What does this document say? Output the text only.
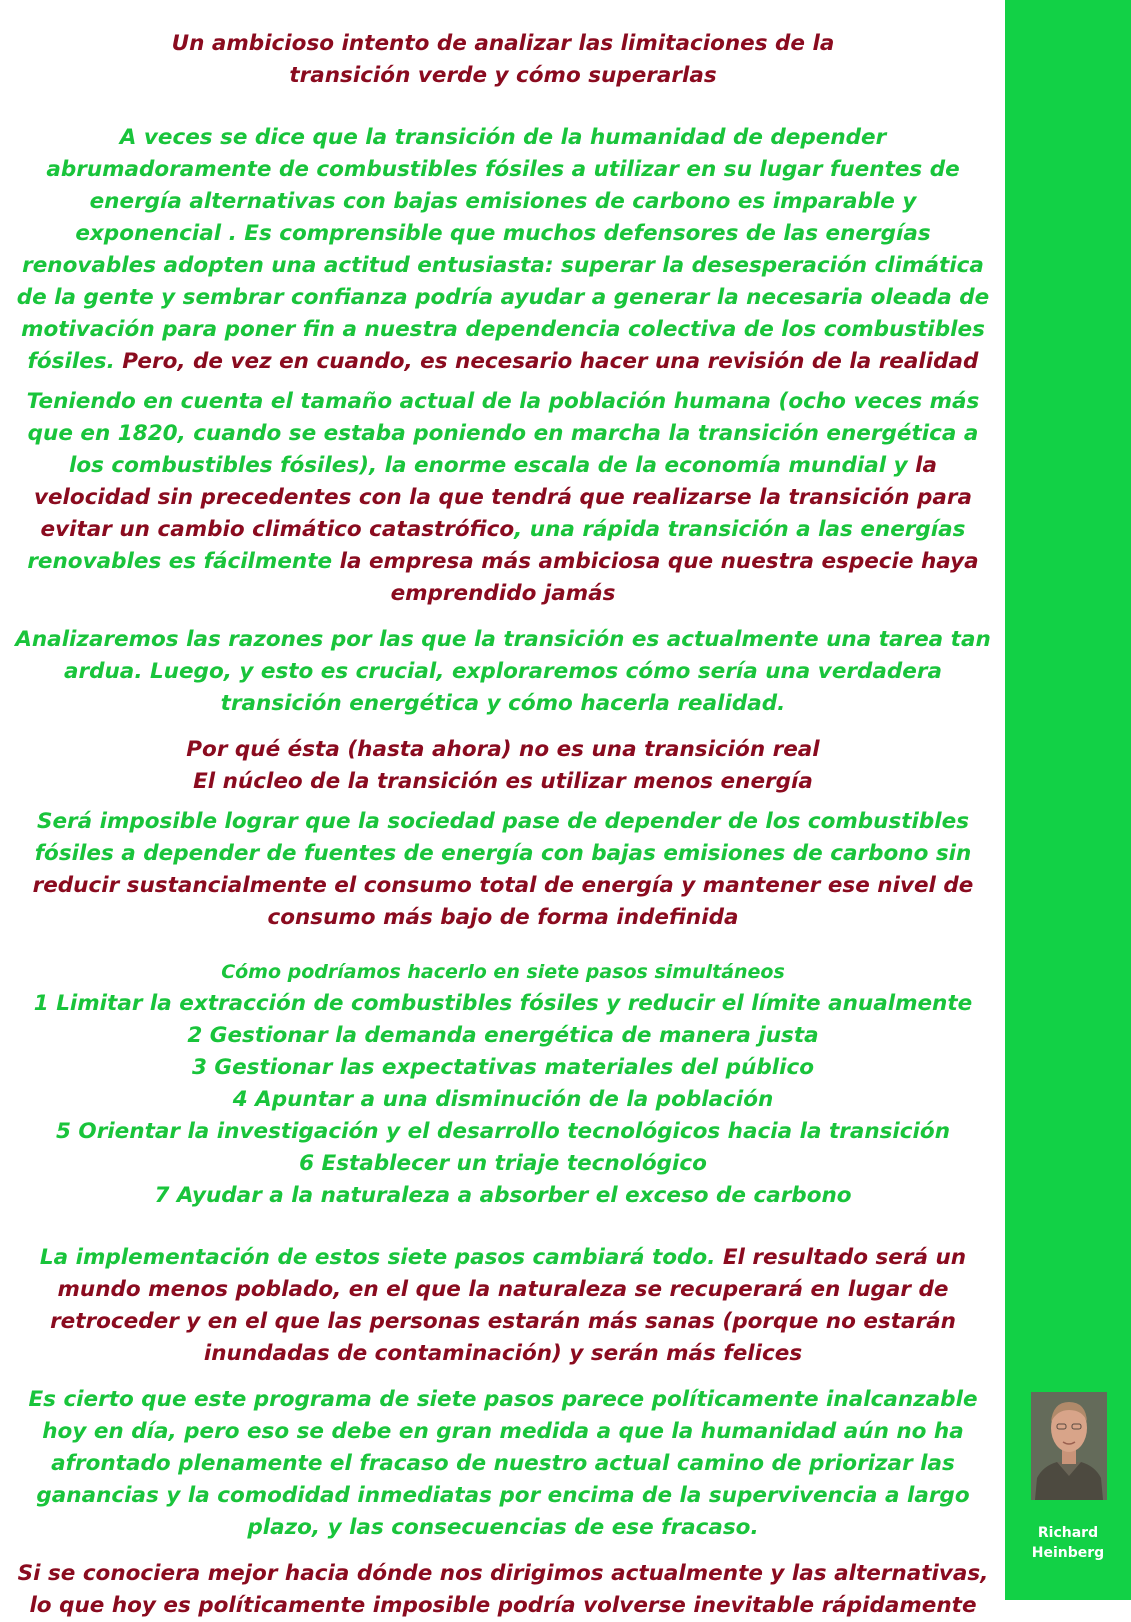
Un ambicioso intento de analizar las limitaciones de la
transición verde y cómo superarlas

A veces se dice que la transición de la humanidad de depender abrumadoramente de combustibles fósiles a utilizar en su lugar fuentes de energía alternativas con bajas emisiones de carbono es imparable y exponencial . Es comprensible que muchos defensores de las energías renovables adopten una actitud entusiasta: superar la desesperación climática de la gente y sembrar confianza podría ayudar a generar la necesaria oleada de motivación para poner fin a nuestra dependencia colectiva de los combustibles fósiles. Pero, de vez en cuando, es necesario hacer una revisión de la realidad

Teniendo en cuenta el tamaño actual de la población humana (ocho veces más que en 1820, cuando se estaba poniendo en marcha la transición energética a los combustibles fósiles), la enorme escala de la economía mundial y la velocidad sin precedentes con la que tendrá que realizarse la transición para evitar un cambio climático catastrófico, una rápida transición a las energías renovables es fácilmente la empresa más ambiciosa que nuestra especie haya emprendido jamás

Analizaremos las razones por las que la transición es actualmente una tarea tan ardua. Luego, y esto es crucial, exploraremos cómo sería una verdadera transición energética y cómo hacerla realidad.

Por qué ésta (hasta ahora) no es una transición real
El núcleo de la transición es utilizar menos energía

Será imposible lograr que la sociedad pase de depender de los combustibles fósiles a depender de fuentes de energía con bajas emisiones de carbono sin reducir sustancialmente el consumo total de energía y mantener ese nivel de consumo más bajo de forma indefinida

Cómo podríamos hacerlo en siete pasos simultáneos
1 Limitar la extracción de combustibles fósiles y reducir el límite anualmente
2 Gestionar la demanda energética de manera justa
3 Gestionar las expectativas materiales del público
4 Apuntar a una disminución de la población
5 Orientar la investigación y el desarrollo tecnológicos hacia la transición
6 Establecer un triaje tecnológico
7 Ayudar a la naturaleza a absorber el exceso de carbono

La implementación de estos siete pasos cambiará todo. El resultado será un mundo menos poblado, en el que la naturaleza se recuperará en lugar de retroceder y en el que las personas estarán más sanas (porque no estarán inundadas de contaminación) y serán más felices

Es cierto que este programa de siete pasos parece políticamente inalcanzable hoy en día, pero eso se debe en gran medida a que la humanidad aún no ha afrontado plenamente el fracaso de nuestro actual camino de priorizar las ganancias y la comodidad inmediatas por encima de la supervivencia a largo plazo, y las consecuencias de ese fracaso.

Si se conociera mejor hacia dónde nos dirigimos actualmente y las alternativas, lo que hoy es políticamente imposible podría volverse inevitable rápidamente

Richard
Heinberg
